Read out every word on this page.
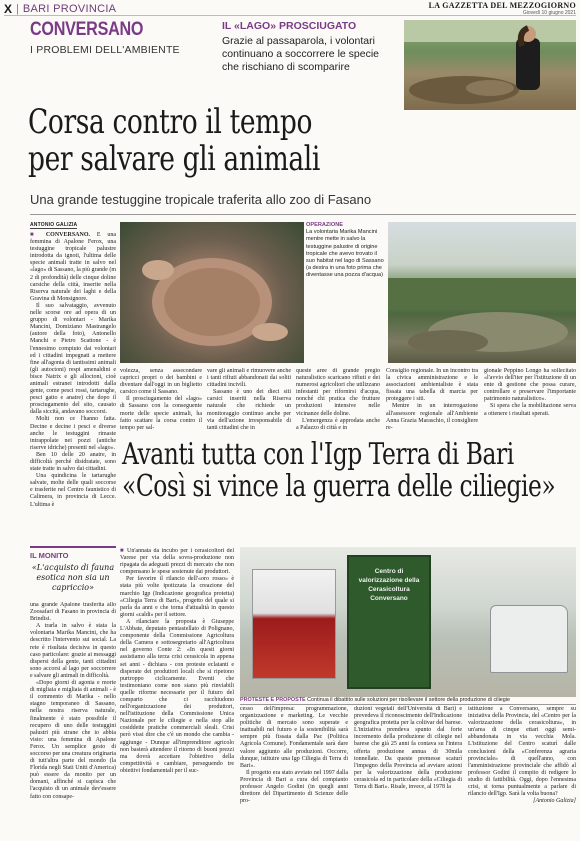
X | BARI PROVINCIA	LA GAZZETTA DEL MEZZOGIORNO
Giovedì 10 giugno 2021
CONVERSANO
I PROBLEMI DELL'AMBIENTE
IL «LAGO» PROSCIUGATO
Grazie al passaparola, i volontari continuano a soccorrere le specie che rischiano di scomparire
Corsa contro il tempo
per salvare gli animali
Una grande testuggine tropicale traferita allo zoo di Fasano
ANTONIO GALIZIA

■ CONVERSANO. È una femmina di Apalone Ferox, una testuggine tropicale palustre introdotta da ignoti, l'ultima delle specie animali tratte in salvo nel «lago» di Sassano, la più grande (m 2 di profondità) delle cinque doline carsiche della città, inserite nella Riserva naturale dei laghi e della Gravina di Monsignore.

Il suo salvataggio, avvenuto nelle scorse ore ad opera di un gruppo di volontari - Marika Mancini, Domiziano Mastrangelo (autore della foto), Antonello Manchi e Pietro Scattone - è l'ennesimo compiuto dai volontari ed i cittadini impegnati a mettere fine all'agonia di tantissimi animali (gli autoctoni) respi amenaldini e bisce Natrix e gli alloctoni, cioè animali estranei introdotti dalla gente, come pesci rossi, tartarughe, pesci gatto e anatre) che dopo il prosciugamento del sito, causato dalla siccità, andavano soccorsi.

Molti non ce l'hanno fatta. Decine e decine i pesci e diverse anche le testuggini rimaste intrappolate nei pozzi (antiche riserve idriche) presenti nel «lago».

Ben 10 delle 20 anatre, in difficoltà perché disidratate, sono state tratte in salvo dai cittadini.

Una quindicina le tartarughe salvate, molte delle quali soccorse e trasferite nel Centro faunistico di Calimera, in provincia di Lecce. L'ultima è

OPERAZIONE
La volontaria Marika Mancini mentre mette in salvo la testuggine palustre di origine tropicale che avevo trovato il suo habitat nel lago di Sassano (a destra in una foto prima che diventasse una pozza d'acqua)

volezza, senza assecondare capricci propri o dei bambini e diventare dall'oggi in un biglietto carsico come il Sassano.

Il prosciugamento del «lago» di Sassano con la conseguente morte delle specie animali, ha fatto scattare la corsa contro il tempo per sal-

vare gli animali e rimuovere anche i tanti rifiuti abbandonati dai soliti cittadini incivili.

Sassano è uno dei dieci siti carsici inseriti nella Riserva naturale che richiede un monitoraggio continuo anche per via dell'azione irresponsabile di tanti cittadini che in

queste aree di grande pregio naturalistico scaricano rifiuti e dei numerosi agricoltori che utilizzano infestanti per rifornirsi d'acqua, nonché chi pratica che frutture produzioni intensive nelle vicinanze delle doline.

L'emergenza è approdata anche a Palazzo di città e in

Consiglio regionale. In un incontro tra la civica amministrazione e le associazioni ambientaliste è stata fissata una tabella di marcia per proteggere i siti.

Mentre in un interrogazione all'assessore regionale all'Ambiente Anna Grazia Maraschio, il consigliere re-

gionale Peppino Longo ha sollecitato «l'avvio dell'iter per l'istituzione di un ente di gestione che possa curare, controllare e preservare l'importante patrimonio naturalistico».

Si spera che la mobilitazione serva a ottenere i risultati sperati.

Avanti tutta con l'Igp Terra di Bari
«Così si vince la guerra delle ciliegie»
IL MONITO
«L'acquisto di fauna esotica non sia un capriccio»

una grande Apalone trasferita allo Zoosafari di Fasano in provincia di Brindisi.

A trarla in salvo è stata la volontaria Marika Mancini, che ha descritto l'intervento sui social. La rete è risultata decisiva in questo caso particolare: grazie ai messaggi dispersi della gente, tanti cittadini sono accorsi al lago per soccorrere e salvare gli animali in difficoltà.

«Dopo giorni di agonia e morte di migliaia e migliaia di animali - è il commento di Marika - nello stagno temporaneo di Sassano, nella nostra riserva naturale, finalmente è stato possibile il recupero di uno delle testuggini palustri più strane che io abbia visto: una femmina di Apalone Ferox. Un semplice gesto di soccorso per una creatura originaria di tutt'altra parte del mondo (la Florida negli Stati Uniti d'America) può essere da monito per un domani, affinché si capisca che l'acquisto di un animale dev'essere fatto con consape-

■ Un'annata da incubo per i cerasicoltori del Varese per via della sovra-produzione non ripagata da adeguati prezzi di mercato che non compensano le spese sostenute dai produttori.

Per favorire il rilancio dell'«oro rosso» è stata più volte ipotizzata la creazione del marchio Igp (Indicazione geografica protetta) «Ciliegia Terra di Bari», progetto del quale si parla da anni e che torna d'attualità in questo giorni «caldi» per il settore.

A rilanciare la proposta è Giuseppe L'Abbate, deputato pentastellato di Polignano, componente della Commissione Agricoltura della Camera e sottosegretario all'Agricoltura nel governo Conte 2: «In questi giorni assistiamo alla terza crisi cerasicola in appena sei anni - dichiara - con proteste eclatanti e disperate dei produttori locali che si ripetono purtroppo ciclicamente. Eventi che testimoniano come non siano più rinviabili quelle riforme necessarie per il futuro del comparto che ci racchiudono nell'organizzazione dei produttori, nell'istituzione della Commissione Unica Nazionale per le ciliegie e nella stop alle cosiddette pratiche commerciali sleali. Crisi però vissi dire che c'è un mondo che cambia - aggiunge - Dunque all'imprenditore agricolo non basterà attendere il ritorno di buoni prezzi ma dovrà accettare l'obiettivo della competitività e cambiare, perseguendo tre obiettivi fondamentali per il suc-

Centro di valorizzazione della Cerasicoltura Conversano
PROTESTE E PROPOSTE Continua il dibattito sulle soluzioni per risollevare il settore della produzione di ciliegie

cesso dell'impresa: programmazione, organizzazione e marketing. Le vecchie politiche di mercato sono superate e inattuabili nel futuro e la sostenibilità sarà sempre più fissata dalla Pac (Politica Agricola Comune). Fondamentale sarà dare valore aggiunto alle produzioni. Occorre, dunque, istituire una Igp Ciliegia di Terra di Bari».

Il progetto era stato avviato nel 1997 dalla Provincia di Bari a cura del compianto professor Angelo Godini (in quegli anni direttore del Dipartimento di Scienze delle pro-

duzioni vegetali dell'Università di Bari) e prevedeva il riconoscimento dell'Indicazione geografica protetta per la coltivar del barese. L'iniziativa prendeva spunto dal forte incremento della produzione di ciliegie nel barese che già 25 anni fa contava su l'intera offerta produzione annua di 30mila tonnellate. Da queste premesse scaturì l'impegno della Provincia ad avviare azioni per la valorizzazione della produzione cerasicola ed in particolare della «Ciliegia di Terra di Bari». Risale, invece, al 1978 la

istituzione a Conversano, sempre su iniziativa della Provincia, del «Centro per la valorizzazione della cerasicoltura», in un'area di cinque ettari oggi semi-abbandonata in via vecchia Mola. L'istituzione del Centro scaturì dalle conclusioni della «Conferenza agraria provinciale» di quell'anno, con l'amministrazione provinciale che affidò al professor Godini il compito di redigere lo studio di fattibilità. Oggi, dopo l'ennesima crisi, si torna puntualmente a parlare di rilancio dell'Igp. Sarà la volta buona?

[Antonio Galizia]
